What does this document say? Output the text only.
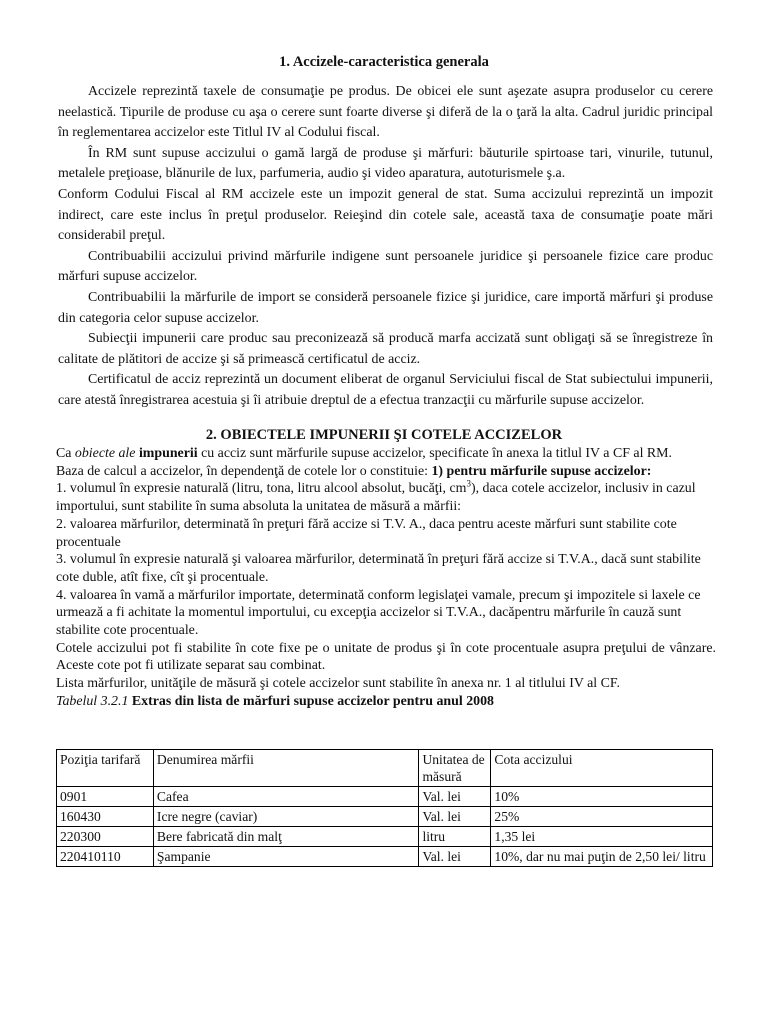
1. Accizele-caracteristica generala

Accizele reprezintă taxele de consumaţie pe produs. De obicei ele sunt aşezate asupra produselor cu cerere neelastică. Tipurile de produse cu aşa o cerere sunt foarte diverse şi diferă de la o ţară la alta. Cadrul juridic principal în reglementarea accizelor este Titlul IV al Codului fiscal.

În RM sunt supuse accizului o gamă largă de produse şi mărfuri: băuturile spirtoase tari, vinurile, tutunul, metalele preţioase, blănurile de lux, parfumeria, audio şi video aparatura, autoturismele ş.a.

Conform Codului Fiscal al RM accizele este un impozit general de stat. Suma accizului reprezintă un impozit indirect, care este inclus în preţul produselor. Reieşind din cotele sale, această taxa de consumaţie poate mări considerabil preţul.

Contribuabilii accizului privind mărfurile indigene sunt persoanele juridice şi persoanele fizice care produc mărfuri supuse accizelor.

Contribuabilii la mărfurile de import se consideră persoanele fizice şi juridice, care importă mărfuri şi produse din categoria celor supuse accizelor.

Subiecţii impunerii care produc sau preconizează să producă marfa accizată sunt obligaţi să se înregistreze în calitate de plătitori de accize şi să primească certificatul de acciz.

Certificatul de acciz reprezintă un document eliberat de organul Serviciului fiscal de Stat subiectului impunerii, care atestă înregistrarea acestuia şi îi atribuie dreptul de a efectua tranzacţii cu mărfurile supuse accizelor.

2. OBIECTELE IMPUNERII ŞI COTELE ACCIZELOR

Ca obiecte ale impunerii cu acciz sunt mărfurile supuse accizelor, specificate în anexa la titlul IV a CF al RM.

Baza de calcul a accizelor, în dependenţă de cotele lor o constituie: 1) pentru mărfurile supuse accizelor:

1. volumul în expresie naturală (litru, tona, litru alcool absolut, bucăţi, $cm^3$), daca cotele accizelor, inclusiv in cazul importului, sunt stabilite în suma absoluta la unitatea de măsură a mărfii:

2. valoarea mărfurilor, determinată în preţuri fără accize si T.V. A., daca pentru aceste mărfuri sunt stabilite cote procentuale

3. volumul în expresie naturală şi valoarea mărfurilor, determinată în preţuri fără accize si T.V.A., dacă sunt stabilite cote duble, atît fixe, cît şi procentuale.

4. valoarea în vamă a mărfurilor importate, determinată conform legislaţei vamale, precum şi impozitele si laxele ce urmează a fi achitate la momentul importului, cu excepţia accizelor si T.V.A., dacăpentru mărfurile în cauză sunt stabilite cote procentuale.

Cotele accizului pot fi stabilite în cote fixe pe o unitate de produs şi în cote procentuale asupra preţului de vânzare. Aceste cote pot fi utilizate separat sau combinat.

Lista mărfurilor, unităţile de măsură şi cotele accizelor sunt stabilite în anexa nr. 1 al titlului IV al CF.

Tabelul 3.2.1 Extras din lista de mărfuri supuse accizelor pentru anul 2008

Poziţia tarifară	Denumirea mărfii	Unitatea de măsură	Cota accizului
0901	Cafea	Val. lei	10%
160430	Icre negre (caviar)	Val. lei	25%
220300	Bere fabricată din malţ	litru	1,35 lei
220410110	Şampanie	Val. lei	10%, dar nu mai puţin de 2,50 lei/ litru
